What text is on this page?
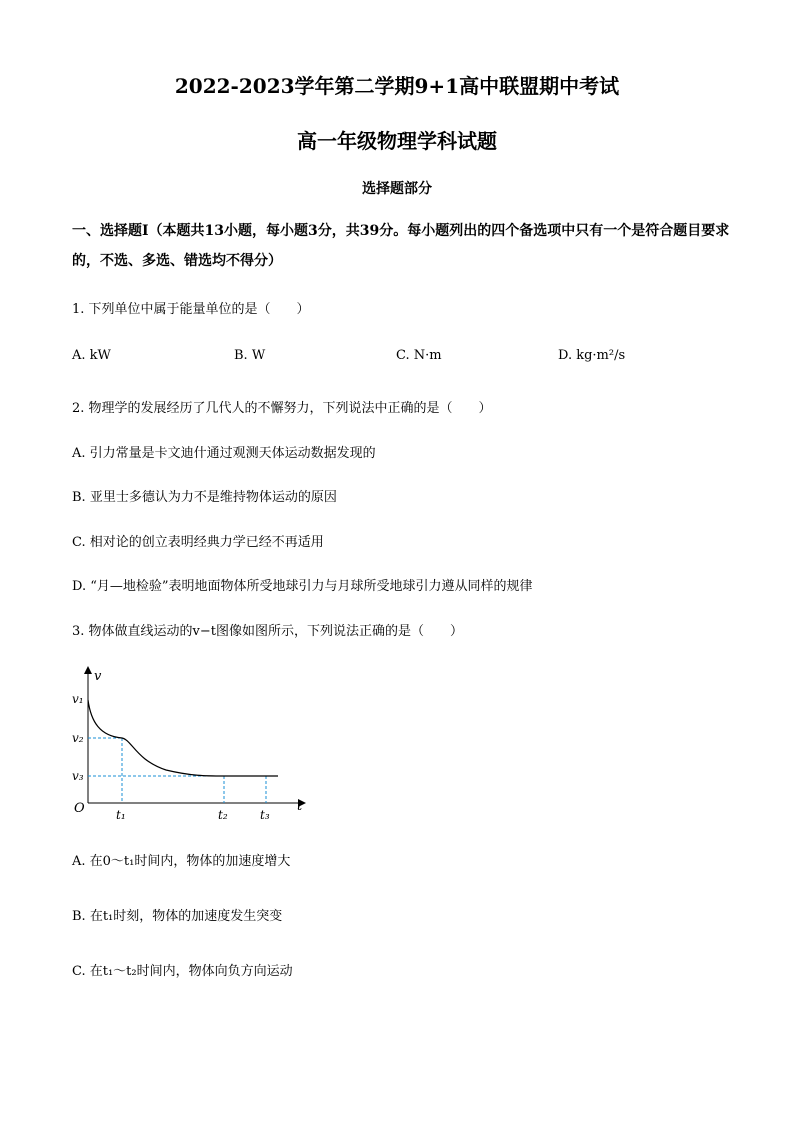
2022-2023学年第二学期9+1高中联盟期中考试
高一年级物理学科试题
选择题部分
一、选择题Ⅰ（本题共13小题，每小题3分，共39分。每小题列出的四个备选项中只有一个是符合题目要求的，不选、多选、错选均不得分）
1. 下列单位中属于能量单位的是（　　）
A. kW	B. W	C. N·m	D. kg·m²/s
2. 物理学的发展经历了几代人的不懈努力，下列说法中正确的是（　　）
A. 引力常量是卡文迪什通过观测天体运动数据发现的
B. 亚里士多德认为力不是维持物体运动的原因
C. 相对论的创立表明经典力学已经不再适用
D. “月—地检验”表明地面物体所受地球引力与月球所受地球引力遵从同样的规律
3. 物体做直线运动的v−t图像如图所示，下列说法正确的是（　　）
v
t
O
v₁
v₂
v₃
t₁	t₂	t₃
A. 在0～t₁时间内，物体的加速度增大
B. 在t₁时刻，物体的加速度发生突变
C. 在t₁～t₂时间内，物体向负方向运动
